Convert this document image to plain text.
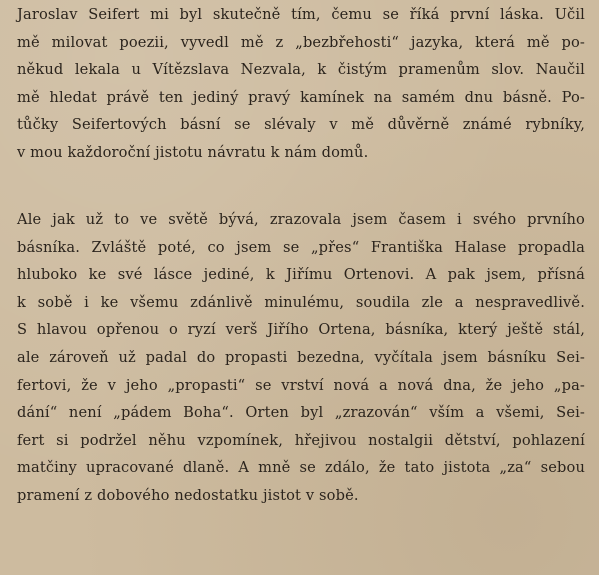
Jaroslav Seifert mi byl skutečně tím, čemu se říká první láska. Učil
mě milovat poezii, vyvedl mě z „bezbřehosti“ jazyka, která mě po-
někud lekala u Vítězslava Nezvala, k čistým pramenům slov. Naučil
mě hledat právě ten jediný pravý kamínek na samém dnu básně. Po-
tůčky Seifertových básní se slévaly v mě důvěrně známé rybníky,
v mou každoroční jistotu návratu k nám domů.
Ale jak už to ve světě bývá, zrazovala jsem časem i svého prvního
básníka. Zvláště poté, co jsem se „přes“ Františka Halase propadla
hluboko ke své lásce jediné, k Jiřímu Ortenovi. A pak jsem, přísná
k sobě i ke všemu zdánlivě minulému, soudila zle a nespravedlivě.
S hlavou opřenou o ryzí verš Jiřího Ortena, básníka, který ještě stál,
ale zároveň už padal do propasti bezedna, vyčítala jsem básníku Sei-
fertovi, že v jeho „propasti“ se vrství nová a nová dna, že jeho „pa-
dání“ není „pádem Boha“. Orten byl „zrazován“ vším a všemi, Sei-
fert si podržel něhu vzpomínek, hřejivou nostalgii dětství, pohlazení
matčiny upracované dlaně. A mně se zdálo, že tato jistota „za“ sebou
pramení z dobového nedostatku jistot v sobě.
